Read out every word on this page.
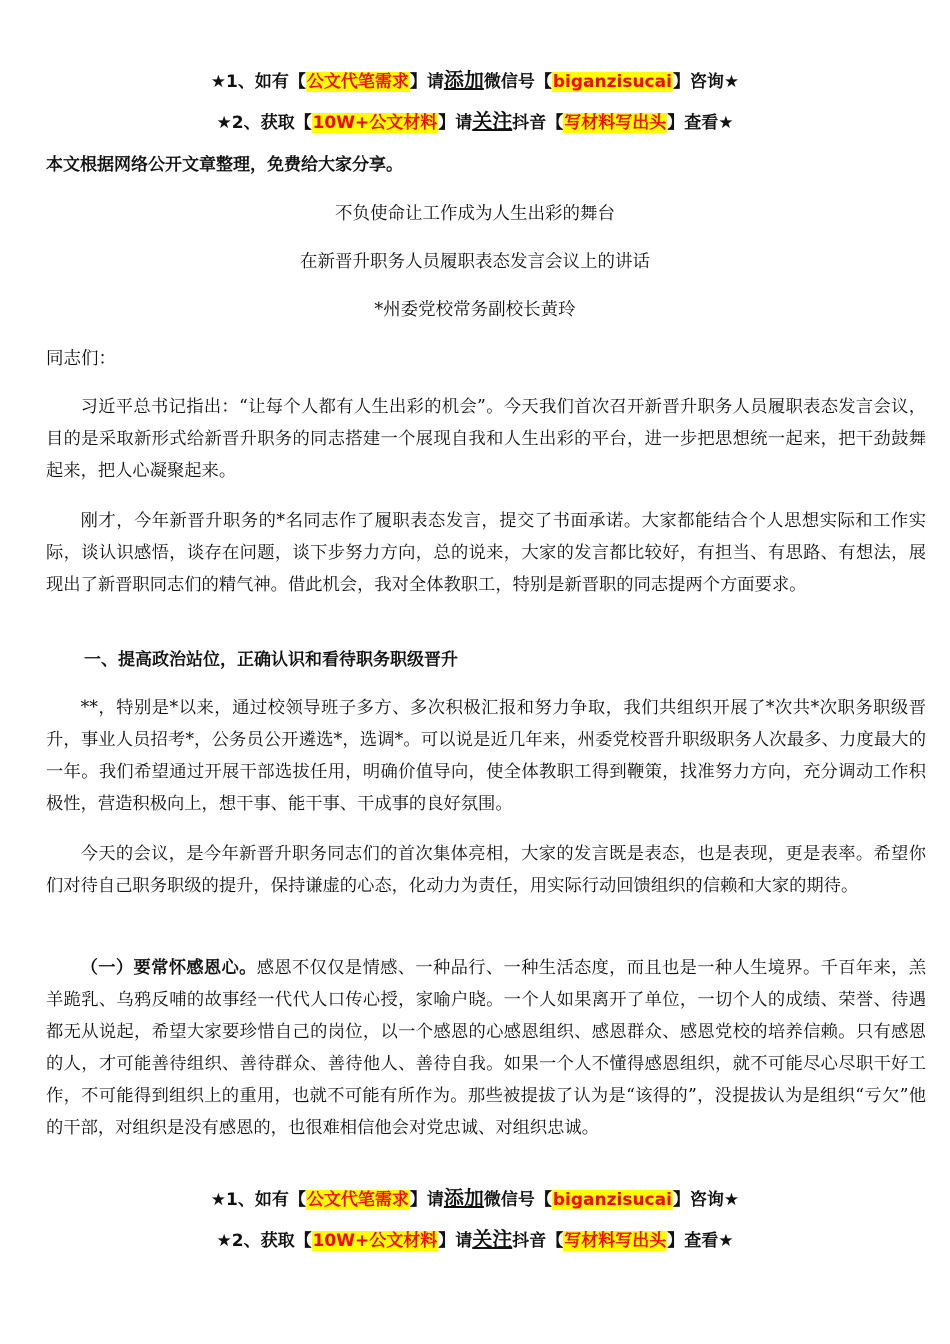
★1、如有【公文代笔需求】请添加微信号【biganzisucai】咨询★
★2、获取【10W+公文材料】请关注抖音【写材料写出头】查看★
本文根据网络公开文章整理，免费给大家分享。
不负使命让工作成为人生出彩的舞台
在新晋升职务人员履职表态发言会议上的讲话
*州委党校常务副校长黄玲
同志们：

习近平总书记指出：“让每个人都有人生出彩的机会”。今天我们首次召开新晋升职务人员履职表态发言会议，目的是采取新形式给新晋升职务的同志搭建一个展现自我和人生出彩的平台，进一步把思想统一起来，把干劲鼓舞起来，把人心凝聚起来。

刚才，今年新晋升职务的*名同志作了履职表态发言，提交了书面承诺。大家都能结合个人思想实际和工作实际，谈认识感悟，谈存在问题，谈下步努力方向，总的说来，大家的发言都比较好，有担当、有思路、有想法，展现出了新晋职同志们的精气神。借此机会，我对全体教职工，特别是新晋职的同志提两个方面要求。

一、提高政治站位，正确认识和看待职务职级晋升

**，特别是*以来，通过校领导班子多方、多次积极汇报和努力争取，我们共组织开展了*次共*次职务职级晋升，事业人员招考*，公务员公开遴选*，选调*。可以说是近几年来，州委党校晋升职级职务人次最多、力度最大的一年。我们希望通过开展干部选拔任用，明确价值导向，使全体教职工得到鞭策，找准努力方向，充分调动工作积极性，营造积极向上，想干事、能干事、干成事的良好氛围。

今天的会议，是今年新晋升职务同志们的首次集体亮相，大家的发言既是表态，也是表现，更是表率。希望你们对待自己职务职级的提升，保持谦虚的心态，化动力为责任，用实际行动回馈组织的信赖和大家的期待。

（一）要常怀感恩心。感恩不仅仅是情感、一种品行、一种生活态度，而且也是一种人生境界。千百年来，羔羊跪乳、乌鸦反哺的故事经一代代人口传心授，家喻户晓。一个人如果离开了单位，一切个人的成绩、荣誉、待遇都无从说起，希望大家要珍惜自己的岗位，以一个感恩的心感恩组织、感恩群众、感恩党校的培养信赖。只有感恩的人，才可能善待组织、善待群众、善待他人、善待自我。如果一个人不懂得感恩组织，就不可能尽心尽职干好工作，不可能得到组织上的重用，也就不可能有所作为。那些被提拔了认为是“该得的”，没提拔认为是组织“亏欠”他的干部，对组织是没有感恩的，也很难相信他会对党忠诚、对组织忠诚。

★1、如有【公文代笔需求】请添加微信号【biganzisucai】咨询★
★2、获取【10W+公文材料】请关注抖音【写材料写出头】查看★
